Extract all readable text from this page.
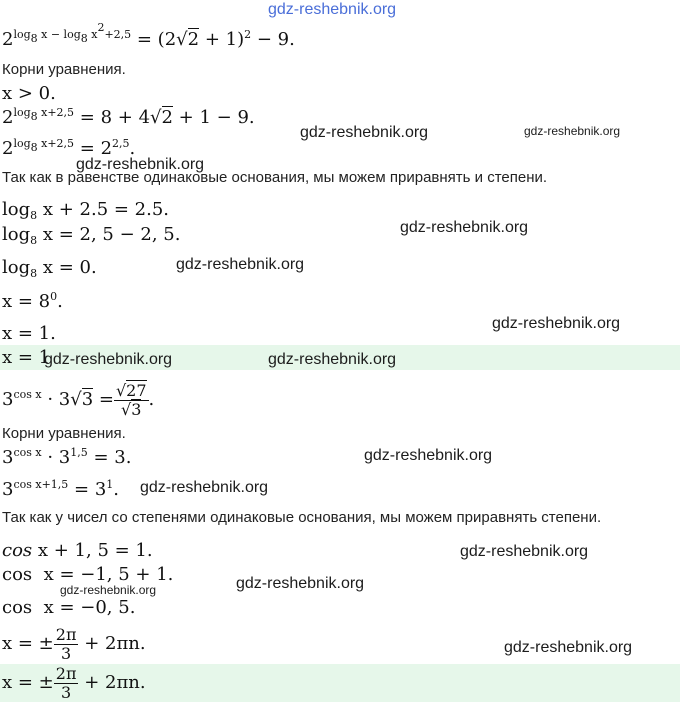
gdz-reshebnik.org
$2^{log_8 x - log_8 x^2+2,5} = (2√2 + 1)^2 - 9$.
Корни уравнения.
x > 0.
$2^{log_8 x+2,5} = 8 + 4√2 + 1 - 9$.
gdz-reshebnik.org	gdz-reshebnik.org
$2^{log_8 x+2,5} = 2^{2,5}$.
gdz-reshebnik.org
Так как в равенстве одинаковые основания, мы можем приравнять и степени.
$\log_8 x + 2.5 = 2.5$.
$\log_8 x = 2$, 5 − 2, 5.	gdz-reshebnik.org
$\log_8 x = 0$.	gdz-reshebnik.org
$x = 8^0$.
gdz-reshebnik.org
x = 1.
x = 1
gdz-reshebnik.org	gdz-reshebnik.org
$3^{cos x} \cdot 3√3 = \frac{√27}{√3}$ .
Корни уравнения.
$3^{cos x} \cdot 3^{1,5} = 3$.	gdz-reshebnik.org
$3^{cos x+1,5} = 3^1$. gdz-reshebnik.org
Так как у чисел со степенями одинаковые основания, мы можем приравнять степени.
cos x + 1, 5 = 1.	gdz-reshebnik.org
cos  x = −1, 5 + 1.	gdz-reshebnik.org
gdz-reshebnik.org
cos  x = −0, 5.
x = ± $\frac{2\pi}{3} + 2\pi n$.	gdz-reshebnik.org
x = ± $\frac{2\pi}{3} + 2\pi n$.
